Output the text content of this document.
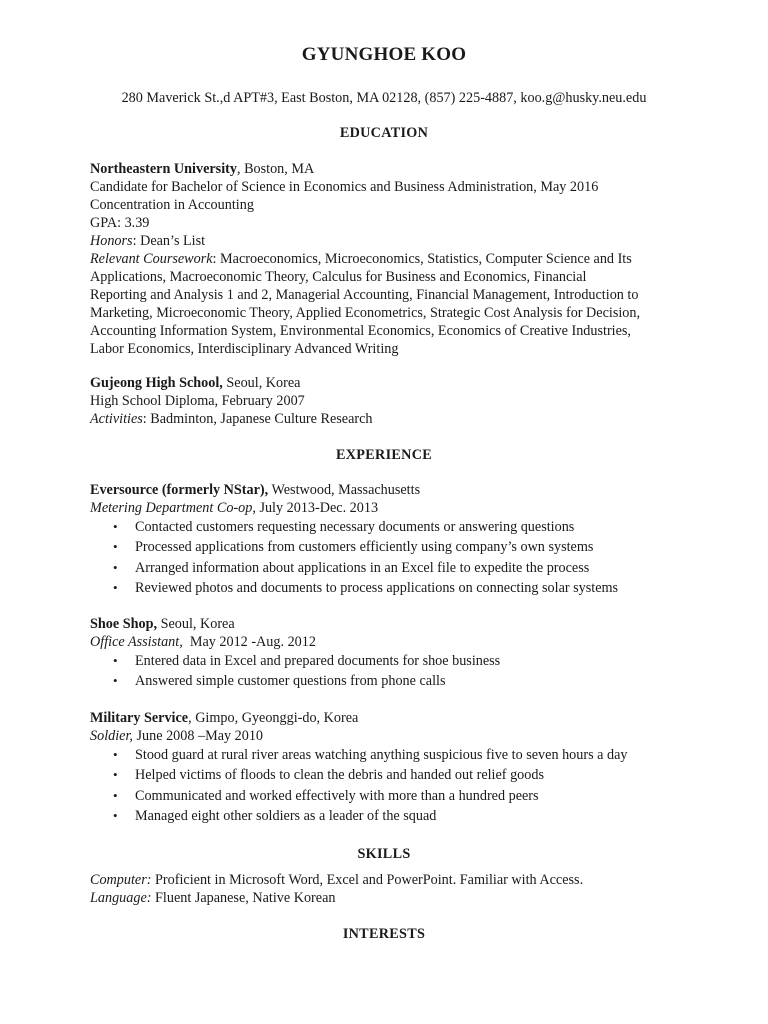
GYUNGHOE KOO
280 Maverick St.,d APT#3, East Boston, MA 02128, (857) 225-4887, koo.g@husky.neu.edu
EDUCATION
Northeastern University, Boston, MA
Candidate for Bachelor of Science in Economics and Business Administration, May 2016
Concentration in Accounting
GPA: 3.39
Honors: Dean’s List
Relevant Coursework: Macroeconomics, Microeconomics, Statistics, Computer Science and Its
Applications, Macroeconomic Theory, Calculus for Business and Economics, Financial
Reporting and Analysis 1 and 2, Managerial Accounting, Financial Management, Introduction to
Marketing, Microeconomic Theory, Applied Econometrics, Strategic Cost Analysis for Decision,
Accounting Information System, Environmental Economics, Economics of Creative Industries,
Labor Economics, Interdisciplinary Advanced Writing
Gujeong High School, Seoul, Korea
High School Diploma, February 2007
Activities: Badminton, Japanese Culture Research
EXPERIENCE
Eversource (formerly NStar), Westwood, Massachusetts
Metering Department Co-op, July 2013-Dec. 2013
• Contacted customers requesting necessary documents or answering questions
• Processed applications from customers efficiently using company’s own systems
• Arranged information about applications in an Excel file to expedite the process
• Reviewed photos and documents to process applications on connecting solar systems
Shoe Shop, Seoul, Korea
Office Assistant,  May 2012 -Aug. 2012
• Entered data in Excel and prepared documents for shoe business
• Answered simple customer questions from phone calls
Military Service, Gimpo, Gyeonggi-do, Korea
Soldier, June 2008 –May 2010
• Stood guard at rural river areas watching anything suspicious five to seven hours a day
• Helped victims of floods to clean the debris and handed out relief goods
• Communicated and worked effectively with more than a hundred peers
• Managed eight other soldiers as a leader of the squad
SKILLS
Computer: Proficient in Microsoft Word, Excel and PowerPoint. Familiar with Access.
Language: Fluent Japanese, Native Korean
INTERESTS
